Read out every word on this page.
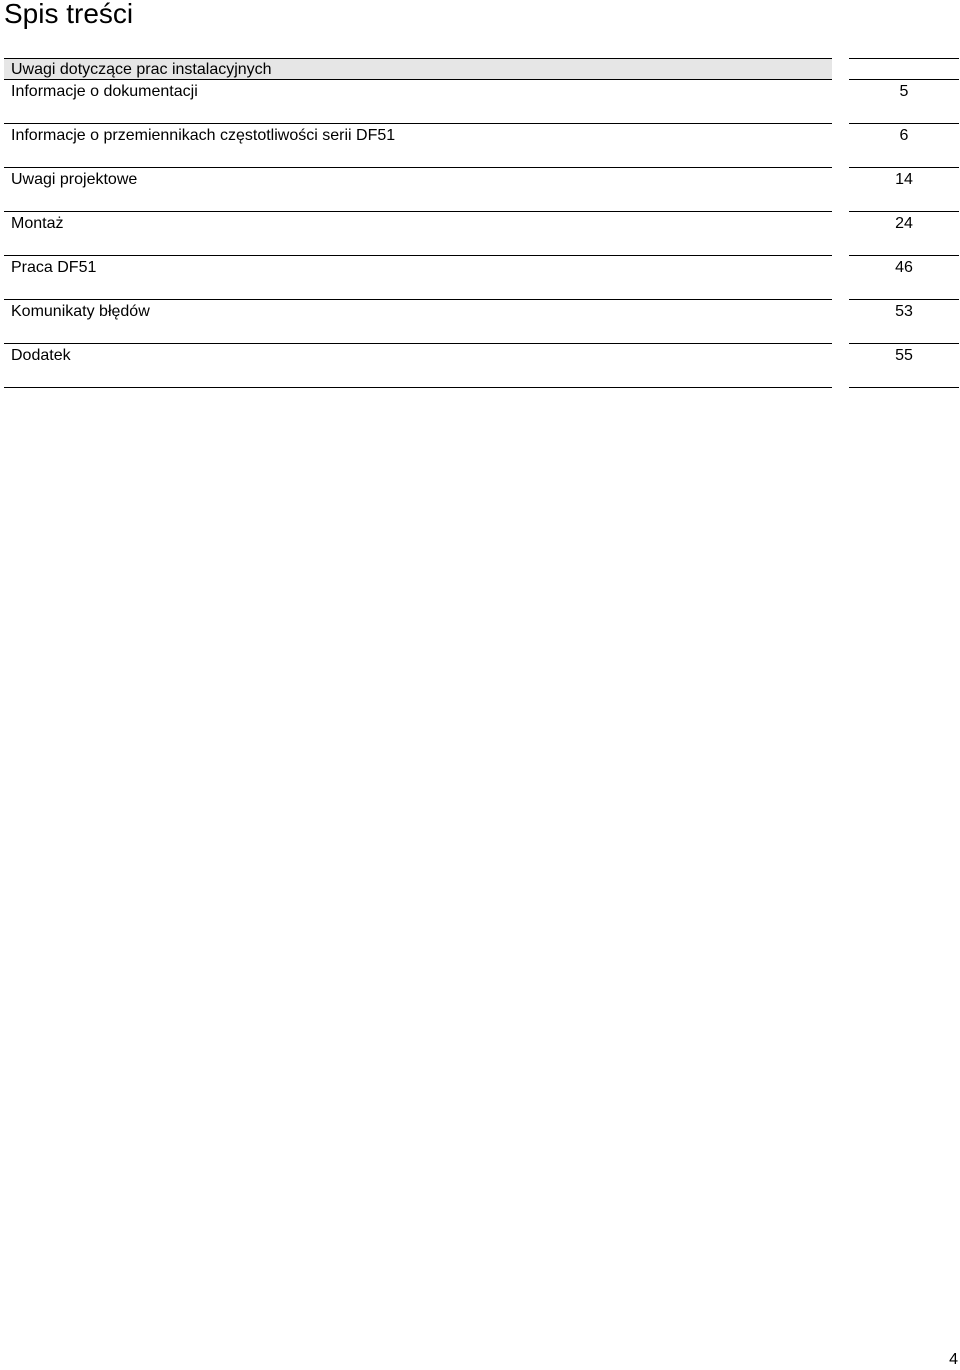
Spis treści
Uwagi dotyczące prac instalacyjnych
Informacje o dokumentacji
Informacje o przemiennikach częstotliwości serii DF51
Uwagi projektowe
Montaż
Praca DF51
Komunikaty błędów
Dodatek
5
6
14
24
46
53
55
4
